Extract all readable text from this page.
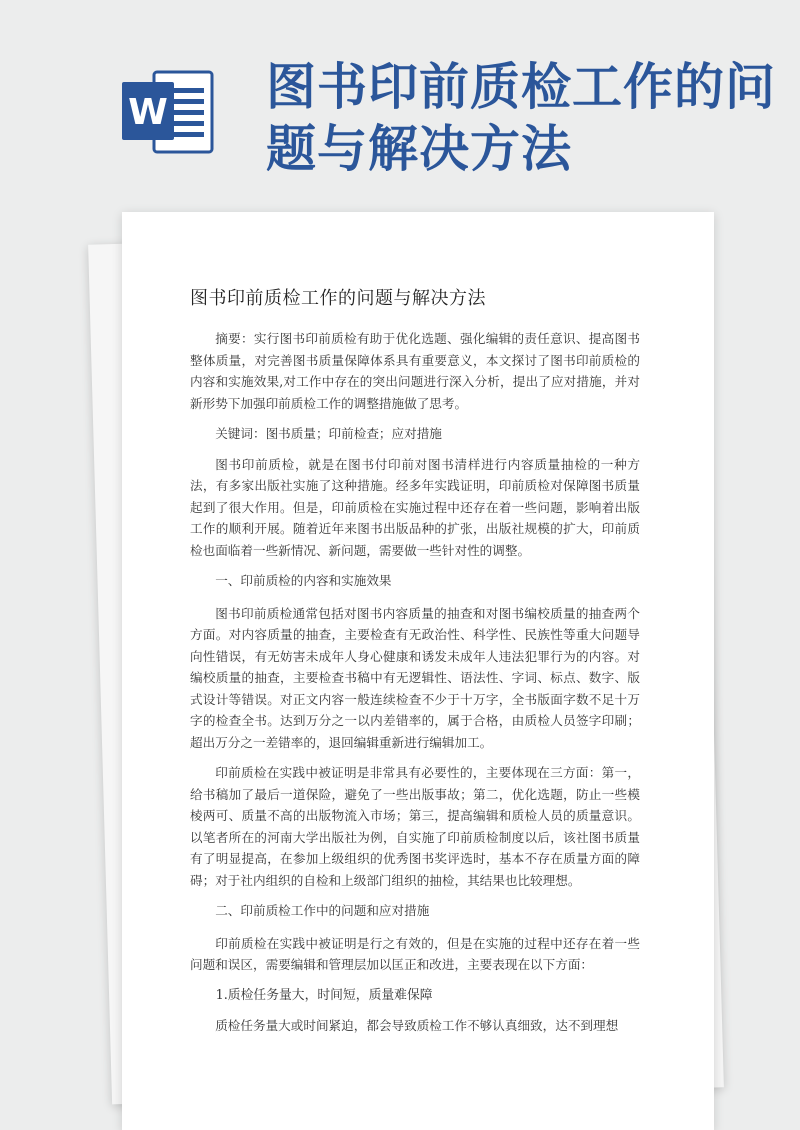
W 图书印前质检工作的问题与解决方法
图书印前质检工作的问题与解决方法

摘要：实行图书印前质检有助于优化选题、强化编辑的责任意识、提高图书整体质量，对完善图书质量保障体系具有重要意义，本文探讨了图书印前质检的内容和实施效果,对工作中存在的突出问题进行深入分析，提出了应对措施，并对新形势下加强印前质检工作的调整措施做了思考。

关键词：图书质量；印前检查；应对措施

图书印前质检，就是在图书付印前对图书清样进行内容质量抽检的一种方法，有多家出版社实施了这种措施。经多年实践证明，印前质检对保障图书质量起到了很大作用。但是，印前质检在实施过程中还存在着一些问题，影响着出版工作的顺利开展。随着近年来图书出版品种的扩张，出版社规模的扩大，印前质检也面临着一些新情况、新问题，需要做一些针对性的调整。

一、印前质检的内容和实施效果

图书印前质检通常包括对图书内容质量的抽查和对图书编校质量的抽查两个方面。对内容质量的抽查，主要检查有无政治性、科学性、民族性等重大问题导向性错误，有无妨害未成年人身心健康和诱发未成年人违法犯罪行为的内容。对编校质量的抽查，主要检查书稿中有无逻辑性、语法性、字词、标点、数字、版式设计等错误。对正文内容一般连续检查不少于十万字，全书版面字数不足十万字的检查全书。达到万分之一以内差错率的，属于合格，由质检人员签字印刷；超出万分之一差错率的，退回编辑重新进行编辑加工。

印前质检在实践中被证明是非常具有必要性的，主要体现在三方面：第一，给书稿加了最后一道保险，避免了一些出版事故；第二，优化选题，防止一些模棱两可、质量不高的出版物流入市场；第三，提高编辑和质检人员的质量意识。以笔者所在的河南大学出版社为例，自实施了印前质检制度以后，该社图书质量有了明显提高，在参加上级组织的优秀图书奖评选时，基本不存在质量方面的障碍；对于社内组织的自检和上级部门组织的抽检，其结果也比较理想。

二、印前质检工作中的问题和应对措施

印前质检在实践中被证明是行之有效的，但是在实施的过程中还存在着一些问题和误区，需要编辑和管理层加以匡正和改进，主要表现在以下方面：

1.质检任务量大，时间短，质量难保障

质检任务量大或时间紧迫，都会导致质检工作不够认真细致，达不到理想
